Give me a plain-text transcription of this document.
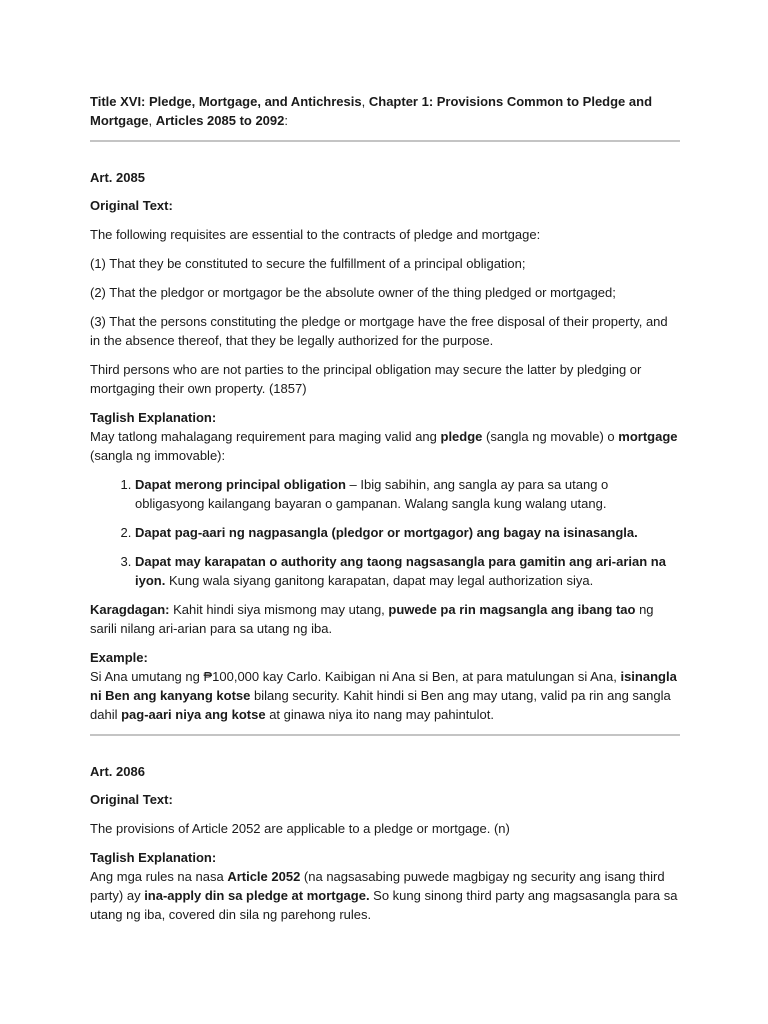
Title XVI: Pledge, Mortgage, and Antichresis, Chapter 1: Provisions Common to Pledge and Mortgage, Articles 2085 to 2092:

Art. 2085
Original Text:

The following requisites are essential to the contracts of pledge and mortgage:

(1) That they be constituted to secure the fulfillment of a principal obligation;

(2) That the pledgor or mortgagor be the absolute owner of the thing pledged or mortgaged;

(3) That the persons constituting the pledge or mortgage have the free disposal of their property, and in the absence thereof, that they be legally authorized for the purpose.

Third persons who are not parties to the principal obligation may secure the latter by pledging or mortgaging their own property. (1857)

Taglish Explanation:
May tatlong mahalagang requirement para maging valid ang pledge (sangla ng movable) o mortgage (sangla ng immovable):
1. Dapat merong principal obligation – Ibig sabihin, ang sangla ay para sa utang o obligasyong kailangang bayaran o gampanan. Walang sangla kung walang utang.
2. Dapat pag-aari ng nagpasangla (pledgor or mortgagor) ang bagay na isinasangla.
3. Dapat may karapatan o authority ang taong nagsasangla para gamitin ang ari-arian na iyon. Kung wala siyang ganitong karapatan, dapat may legal authorization siya.

Karagdagan: Kahit hindi siya mismong may utang, puwede pa rin magsangla ang ibang tao ng sarili nilang ari-arian para sa utang ng iba.

Example:
Si Ana umutang ng ₱100,000 kay Carlo. Kaibigan ni Ana si Ben, at para matulungan si Ana, isinangla ni Ben ang kanyang kotse bilang security. Kahit hindi si Ben ang may utang, valid pa rin ang sangla dahil pag-aari niya ang kotse at ginawa niya ito nang may pahintulot.
Art. 2086
Original Text:

The provisions of Article 2052 are applicable to a pledge or mortgage. (n)

Taglish Explanation:
Ang mga rules na nasa Article 2052 (na nagsasabing puwede magbigay ng security ang isang third party) ay ina-apply din sa pledge at mortgage. So kung sinong third party ang magsasangla para sa utang ng iba, covered din sila ng parehong rules.
